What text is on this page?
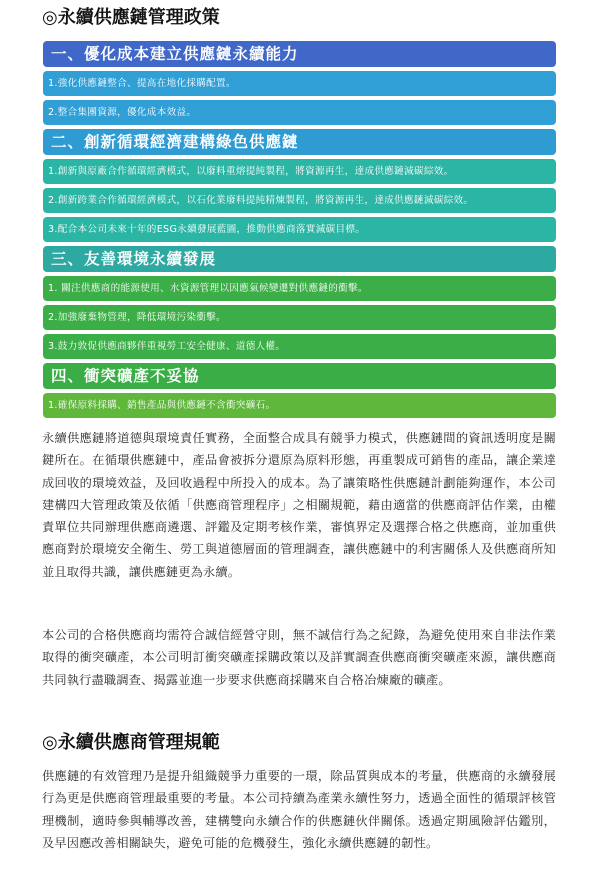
◎永續供應鏈管理政策
一、優化成本建立供應鏈永續能力
1.強化供應鏈整合、提高在地化採購配置。
2.整合集團資源，優化成本效益。
二、創新循環經濟建構綠色供應鏈
1.創新與原廠合作循環經濟模式，以廢料重熔提純製程，將資源再生，達成供應鏈減碳綜效。
2.創新跨業合作循環經濟模式，以石化業廢料提純精煉製程，將資源再生，達成供應鏈減碳綜效。
3.配合本公司未來十年的ESG永續發展藍圖，推動供應商落實減碳目標。
三、友善環境永續發展
1. 關注供應商的能源使用、水資源管理以因應氣候變遷對供應鏈的衝擊。
2.加強廢棄物管理，降低環境污染衝擊。
3.鼓力敦促供應商夥伴重視勞工安全健康、道德人權。
四、衝突礦產不妥協
1.確保原料採購、銷售產品與供應鏈不含衝突礦石。

永續供應鏈將道德與環境責任實務，全面整合成具有競爭力模式，供應鏈間的資訊透明度是關鍵所在。在循環供應鏈中，產品會被拆分還原為原料形態，再重製成可銷售的產品，讓企業達成回收的環境效益，及回收過程中所投入的成本。為了讓策略性供應鏈計劃能夠運作，本公司建構四大管理政策及依循「供應商管理程序」之相關規範，藉由適當的供應商評估作業，由權責單位共同辦理供應商遴選、評鑑及定期考核作業，審慎界定及選擇合格之供應商，並加重供應商對於環境安全衛生、勞工與道德層面的管理調查，讓供應鏈中的利害關係人及供應商所知並且取得共識，讓供應鏈更為永續。

本公司的合格供應商均需符合誠信經營守則，無不誠信行為之紀錄，為避免使用來自非法作業取得的衝突礦產，本公司明訂衝突礦產採購政策以及詳實調查供應商衝突礦產來源，讓供應商共同執行盡職調查、揭露並進一步要求供應商採購來自合格冶煉廠的礦產。

◎永續供應商管理規範

供應鏈的有效管理乃是提升組織競爭力重要的一環，除品質與成本的考量，供應商的永續發展行為更是供應商管理最重要的考量。本公司持續為產業永續性努力，透過全面性的循環評核管理機制，適時參與輔導改善，建構雙向永續合作的供應鏈伙伴關係。透過定期風險評估鑑別，及早因應改善相關缺失，避免可能的危機發生，強化永續供應鏈的韌性。
